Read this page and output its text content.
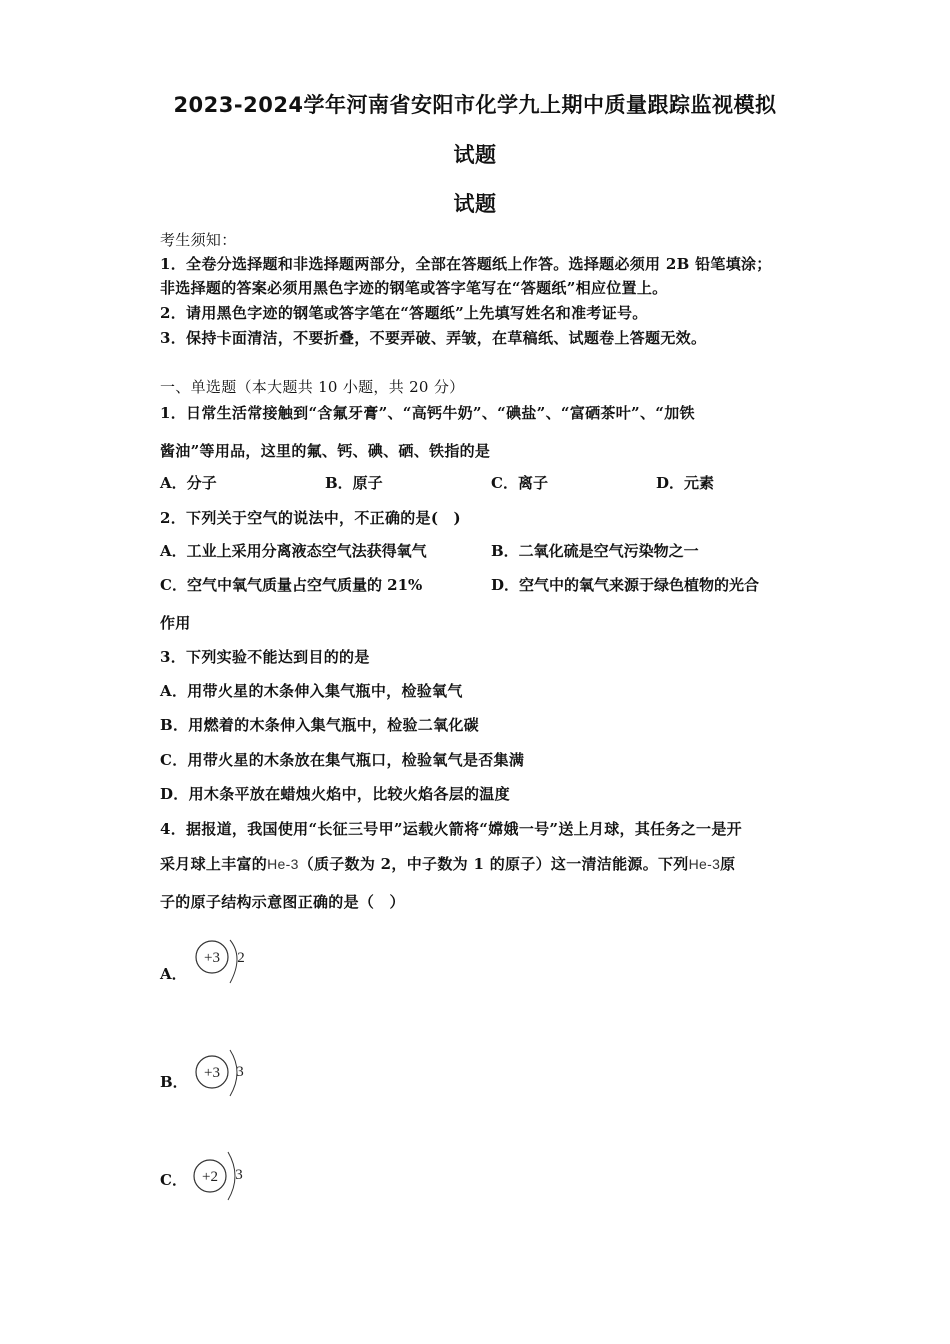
2023-2024学年河南省安阳市化学九上期中质量跟踪监视模拟
试题
试题
考生须知：
1．全卷分选择题和非选择题两部分，全部在答题纸上作答。选择题必须用 2B 铅笔填涂；
非选择题的答案必须用黑色字迹的钢笔或答字笔写在“答题纸”相应位置上。
2．请用黑色字迹的钢笔或答字笔在“答题纸”上先填写姓名和准考证号。
3．保持卡面清洁，不要折叠，不要弄破、弄皱，在草稿纸、试题卷上答题无效。
一、单选题（本大题共 10 小题，共 20 分）
1．日常生活常接触到“含氟牙膏”、“高钙牛奶”、“碘盐”、“富硒茶叶”、“加铁
酱油”等用品，这里的氟、钙、碘、硒、铁指的是
A．分子	B．原子	C．离子	D．元素
2．下列关于空气的说法中，不正确的是(　)
A．工业上采用分离液态空气法获得氧气	B．二氧化硫是空气污染物之一
C．空气中氧气质量占空气质量的 21%	D．空气中的氧气来源于绿色植物的光合
作用
3．下列实验不能达到目的的是
A．用带火星的木条伸入集气瓶中，检验氧气
B．用燃着的木条伸入集气瓶中，检验二氧化碳
C．用带火星的木条放在集气瓶口，检验氧气是否集满
D．用木条平放在蜡烛火焰中，比较火焰各层的温度
4．据报道，我国使用“长征三号甲”运载火箭将“嫦娥一号”送上月球，其任务之一是开
采月球上丰富的He-3（质子数为 2，中子数为 1 的原子）这一清洁能源。下列He-3原
子的原子结构示意图正确的是（　）
A．
+3 2
B． +3 3
C． +2 3
